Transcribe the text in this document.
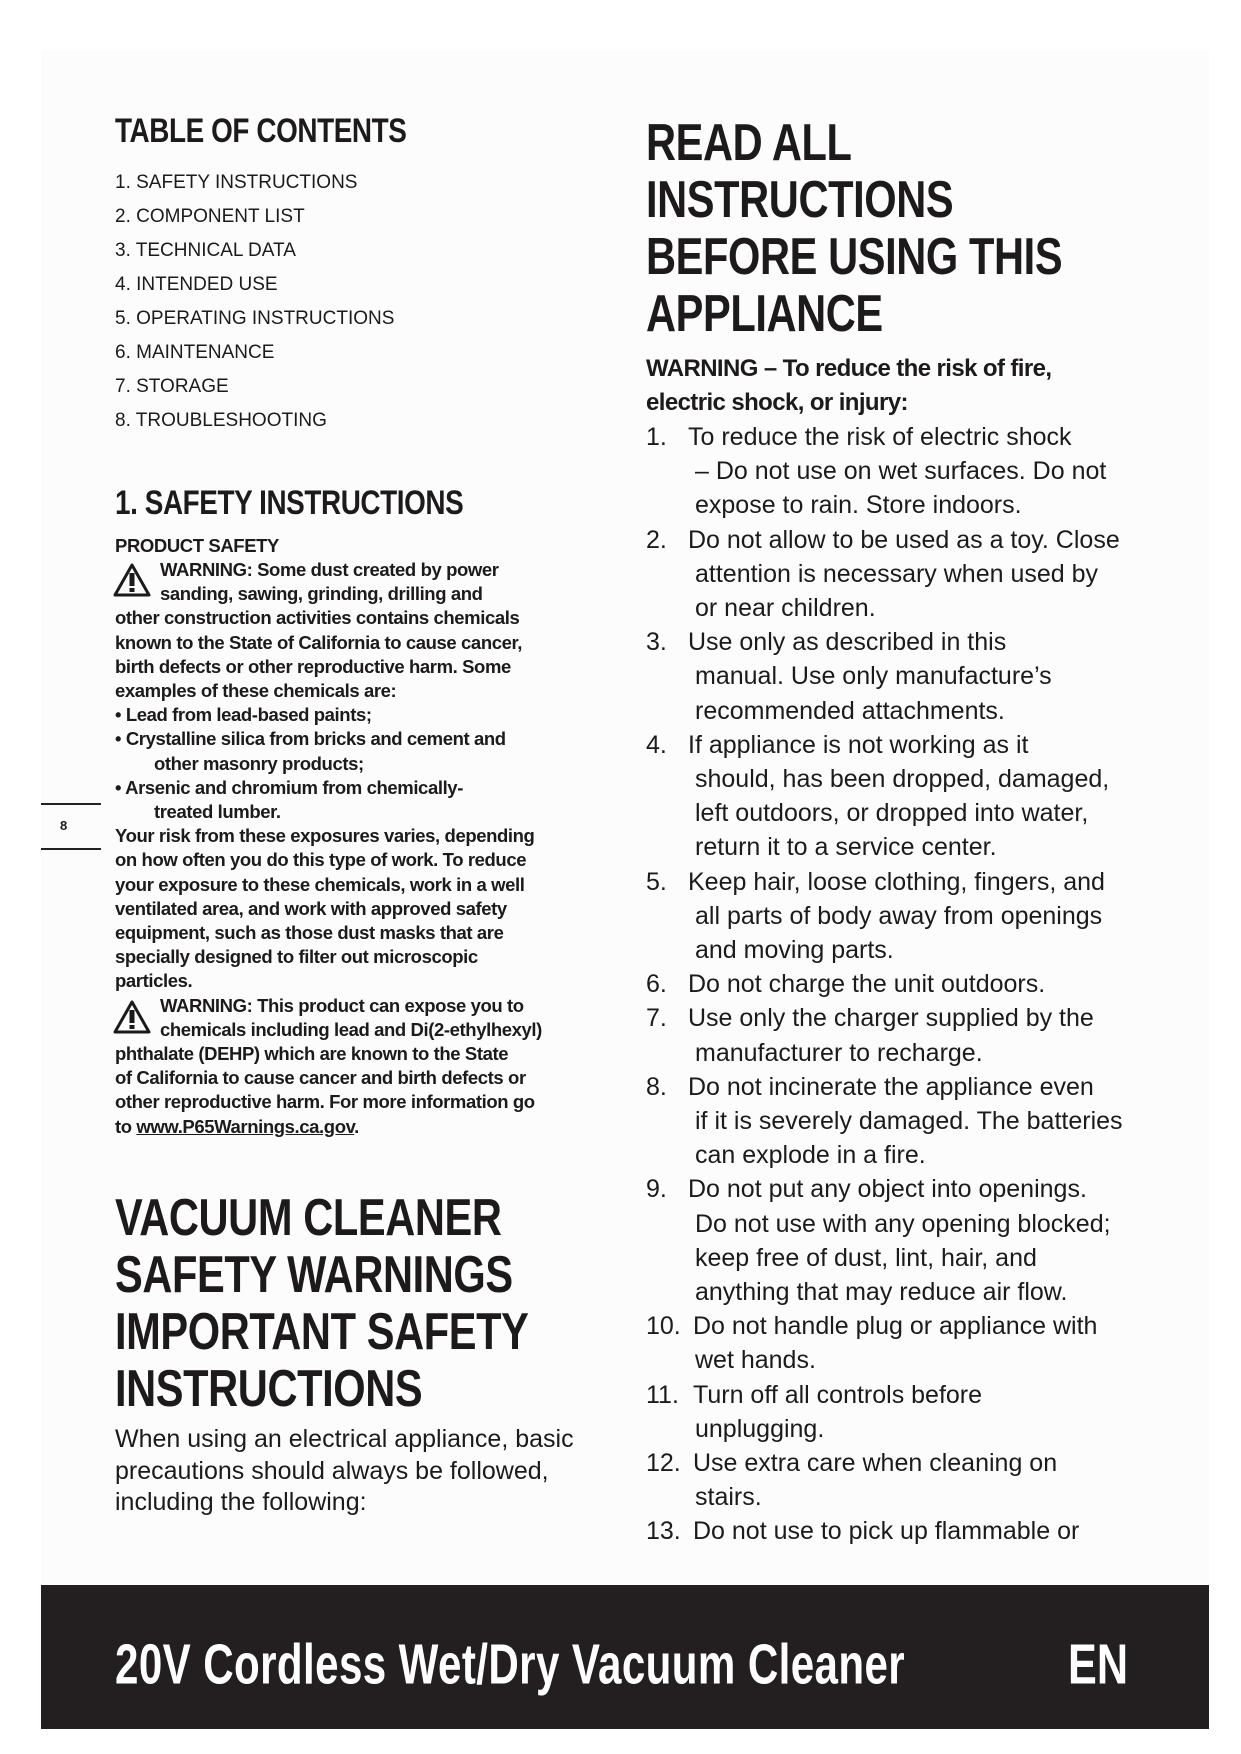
TABLE OF CONTENTS
1. SAFETY INSTRUCTIONS
2. COMPONENT LIST
3. TECHNICAL DATA
4. INTENDED USE
5. OPERATING INSTRUCTIONS
6. MAINTENANCE
7. STORAGE
8. TROUBLESHOOTING
1. SAFETY INSTRUCTIONS
PRODUCT SAFETY
WARNING: Some dust created by power
sanding, sawing, grinding, drilling and
other construction activities contains chemicals
known to the State of California to cause cancer,
birth defects or other reproductive harm. Some
examples of these chemicals are:
• Lead from lead-based paints;
• Crystalline silica from bricks and cement and
other masonry products;
• Arsenic and chromium from chemically-
treated lumber.
Your risk from these exposures varies, depending
on how often you do this type of work. To reduce
your exposure to these chemicals, work in a well
ventilated area, and work with approved safety
equipment, such as those dust masks that are
specially designed to filter out microscopic
particles.
WARNING: This product can expose you to
chemicals including lead and Di(2-ethylhexyl)
phthalate (DEHP) which are known to the State
of California to cause cancer and birth defects or
other reproductive harm. For more information go
to www.P65Warnings.ca.gov.
VACUUM CLEANER
SAFETY WARNINGS
IMPORTANT SAFETY
INSTRUCTIONS
When using an electrical appliance, basic
precautions should always be followed,
including the following:
READ ALL
INSTRUCTIONS
BEFORE USING THIS
APPLIANCE
WARNING – To reduce the risk of fire,
electric shock, or injury:
1. To reduce the risk of electric shock
– Do not use on wet surfaces. Do not
expose to rain. Store indoors.
2. Do not allow to be used as a toy. Close
attention is necessary when used by
or near children.
3. Use only as described in this
manual. Use only manufacture’s
recommended attachments.
4. If appliance is not working as it
should, has been dropped, damaged,
left outdoors, or dropped into water,
return it to a service center.
5. Keep hair, loose clothing, fingers, and
all parts of body away from openings
and moving parts.
6. Do not charge the unit outdoors.
7. Use only the charger supplied by the
manufacturer to recharge.
8. Do not incinerate the appliance even
if it is severely damaged. The batteries
can explode in a fire.
9. Do not put any object into openings.
Do not use with any opening blocked;
keep free of dust, lint, hair, and
anything that may reduce air flow.
10. Do not handle plug or appliance with
wet hands.
11. Turn off all controls before
unplugging.
12. Use extra care when cleaning on
stairs.
13. Do not use to pick up flammable or
8
20V Cordless Wet/Dry Vacuum Cleaner	EN
